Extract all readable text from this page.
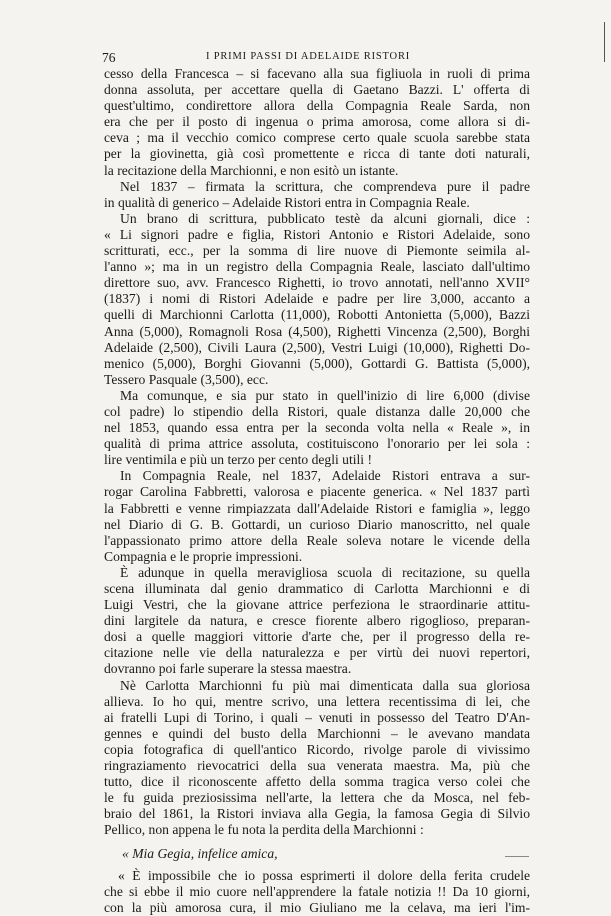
76	I PRIMI PASSI DI ADELAIDE RISTORI
cesso della Francesca – si facevano alla sua figliuola in ruoli di prima
donna assoluta, per accettare quella di Gaetano Bazzi. L' offerta di
quest'ultimo, condirettore allora della Compagnia Reale Sarda, non
era che per il posto di ingenua o prima amorosa, come allora si di-
ceva ; ma il vecchio comico comprese certo quale scuola sarebbe stata
per la giovinetta, già così promettente e ricca di tante doti naturali,
la recitazione della Marchionni, e non esitò un istante.
Nel 1837 – firmata la scrittura, che comprendeva pure il padre
in qualità di generico – Adelaide Ristori entra in Compagnia Reale.
Un brano di scrittura, pubblicato testè da alcuni giornali, dice :
« Li signori padre e figlia, Ristori Antonio e Ristori Adelaide, sono
scritturati, ecc., per la somma di lire nuove di Piemonte seimila al-
l'anno »; ma in un registro della Compagnia Reale, lasciato dall'ultimo
direttore suo, avv. Francesco Righetti, io trovo annotati, nell'anno XVII°
(1837) i nomi di Ristori Adelaide e padre per lire 3,000, accanto a
quelli di Marchionni Carlotta (11,000), Robotti Antonietta (5,000), Bazzi
Anna (5,000), Romagnoli Rosa (4,500), Righetti Vincenza (2,500), Borghi
Adelaide (2,500), Civili Laura (2,500), Vestri Luigi (10,000), Righetti Do-
menico (5,000), Borghi Giovanni (5,000), Gottardi G. Battista (5,000),
Tessero Pasquale (3,500), ecc.
Ma comunque, e sia pur stato in quell'inizio di lire 6,000 (divise
col padre) lo stipendio della Ristori, quale distanza dalle 20,000 che
nel 1853, quando essa entra per la seconda volta nella « Reale », in
qualità di prima attrice assoluta, costituiscono l'onorario per lei sola :
lire ventimila e più un terzo per cento degli utili !
In Compagnia Reale, nel 1837, Adelaide Ristori entrava a sur-
rogar Carolina Fabbretti, valorosa e piacente generica. « Nel 1837 partì
la Fabbretti e venne rimpiazzata dall'Adelaide Ristori e famiglia », leggo
nel Diario di G. B. Gottardi, un curioso Diario manoscritto, nel quale
l'appassionato primo attore della Reale soleva notare le vicende della
Compagnia e le proprie impressioni.
È adunque in quella meravigliosa scuola di recitazione, su quella
scena illuminata dal genio drammatico di Carlotta Marchionni e di
Luigi Vestri, che la giovane attrice perfeziona le straordinarie attitu-
dini largitele da natura, e cresce fiorente albero rigoglioso, preparan-
dosi a quelle maggiori vittorie d'arte che, per il progresso della re-
citazione nelle vie della naturalezza e per virtù dei nuovi repertori,
dovranno poi farle superare la stessa maestra.
Nè Carlotta Marchionni fu più mai dimenticata dalla sua gloriosa
allieva. Io ho qui, mentre scrivo, una lettera recentissima di lei, che
ai fratelli Lupi di Torino, i quali – venuti in possesso del Teatro D'An-
gennes e quindi del busto della Marchionni – le avevano mandata
copia fotografica di quell'antico Ricordo, rivolge parole di vivissimo
ringraziamento rievocatrici della sua venerata maestra. Ma, più che
tutto, dice il riconoscente affetto della somma tragica verso colei che
le fu guida preziosissima nell'arte, la lettera che da Mosca, nel feb-
braio del 1861, la Ristori inviava alla Gegia, la famosa Gegia di Silvio
Pellico, non appena le fu nota la perdita della Marchionni :
« Mia Gegia, infelice amica,
« È impossibile che io possa esprimerti il dolore della ferita crudele
che si ebbe il mio cuore nell'apprendere la fatale notizia !! Da 10 giorni,
con la più amorosa cura, il mio Giuliano me la celava, ma ieri l'im-
